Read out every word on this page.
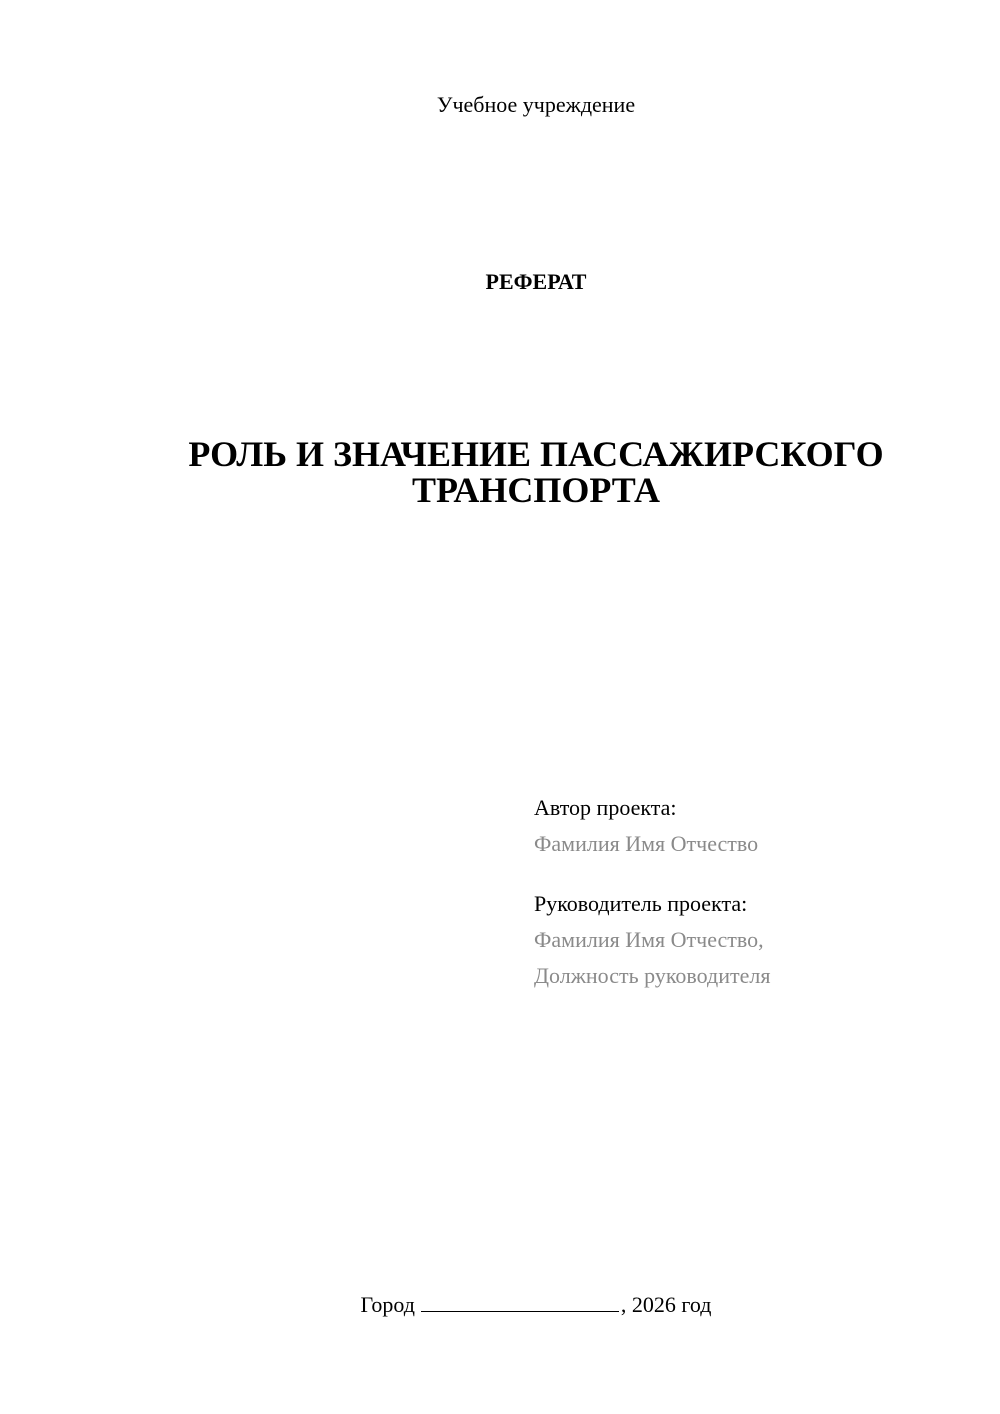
Учебное учреждение
РЕФЕРАТ
РОЛЬ И ЗНАЧЕНИЕ ПАССАЖИРСКОГО
ТРАНСПОРТА
Автор проекта:
Фамилия Имя Отчество
Руководитель проекта:
Фамилия Имя Отчество,
Должность руководителя
Город	, 2026 год
